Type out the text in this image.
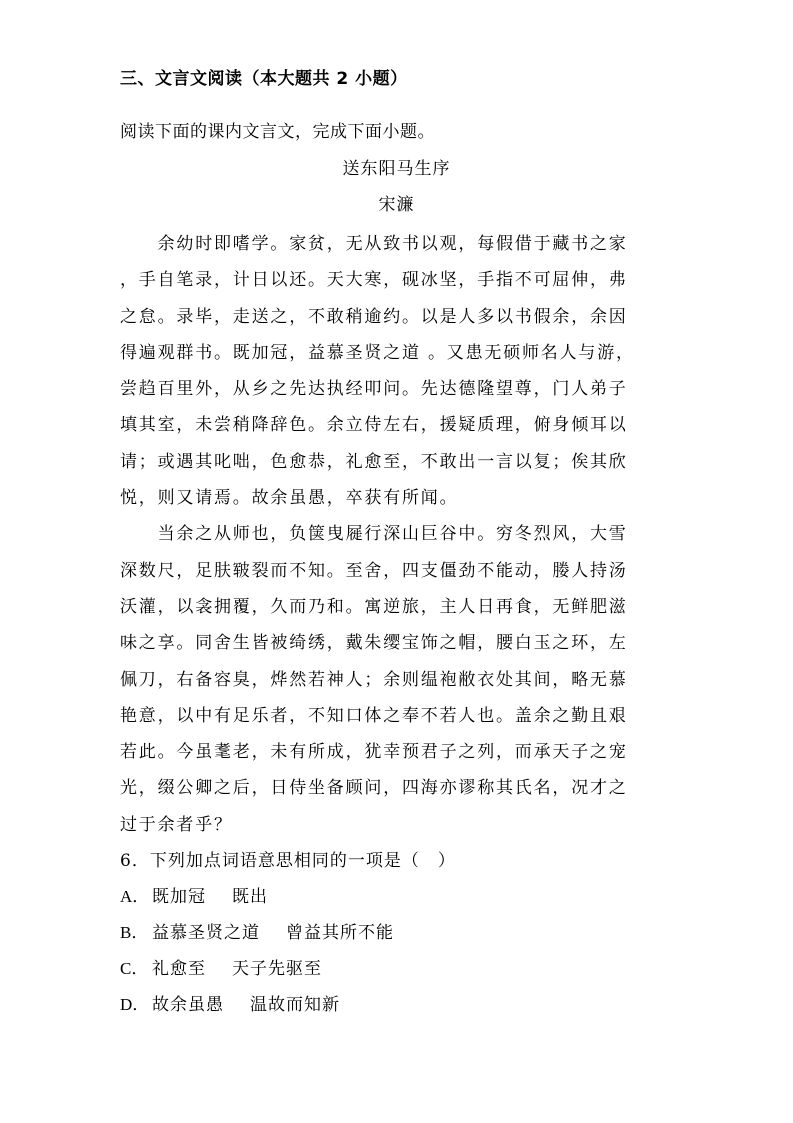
三、文言文阅读（本大题共 2 小题）
阅读下面的课内文言文，完成下面小题。
送东阳马生序
宋濂
　　余幼时即嗜学。家贫，无从致书以观，每假借于藏书之家
，手自笔录，计日以还。天大寒，砚冰坚，手指不可屈伸，弗
之怠。录毕，走送之，不敢稍逾约。以是人多以书假余，余因
得遍观群书。既加冠，益慕圣贤之道 。又患无硕师名人与游，
尝趋百里外，从乡之先达执经叩问。先达德隆望尊，门人弟子
填其室，未尝稍降辞色。余立侍左右，援疑质理，俯身倾耳以
请；或遇其叱咄，色愈恭，礼愈至，不敢出一言以复；俟其欣
悦，则又请焉。故余虽愚，卒获有所闻。
　　当余之从师也，负箧曳屣行深山巨谷中。穷冬烈风，大雪
深数尺，足肤皲裂而不知。至舍，四支僵劲不能动，媵人持汤
沃灌，以衾拥覆，久而乃和。寓逆旅，主人日再食，无鲜肥滋
味之享。同舍生皆被绮绣，戴朱缨宝饰之帽，腰白玉之环，左
佩刀，右备容臭，烨然若神人；余则缊袍敝衣处其间，略无慕
艳意，以中有足乐者，不知口体之奉不若人也。盖余之勤且艰
若此。今虽耄老，未有所成，犹幸预君子之列，而承天子之宠
光，缀公卿之后，日侍坐备顾问，四海亦谬称其氏名，况才之
过于余者乎？
6．下列加点词语意思相同的一项是（　）
A． 既加冠 既出
B． 益慕圣贤之道 曾益其所不能
C． 礼愈至 天子先驱至
D． 故余虽愚 温故而知新
